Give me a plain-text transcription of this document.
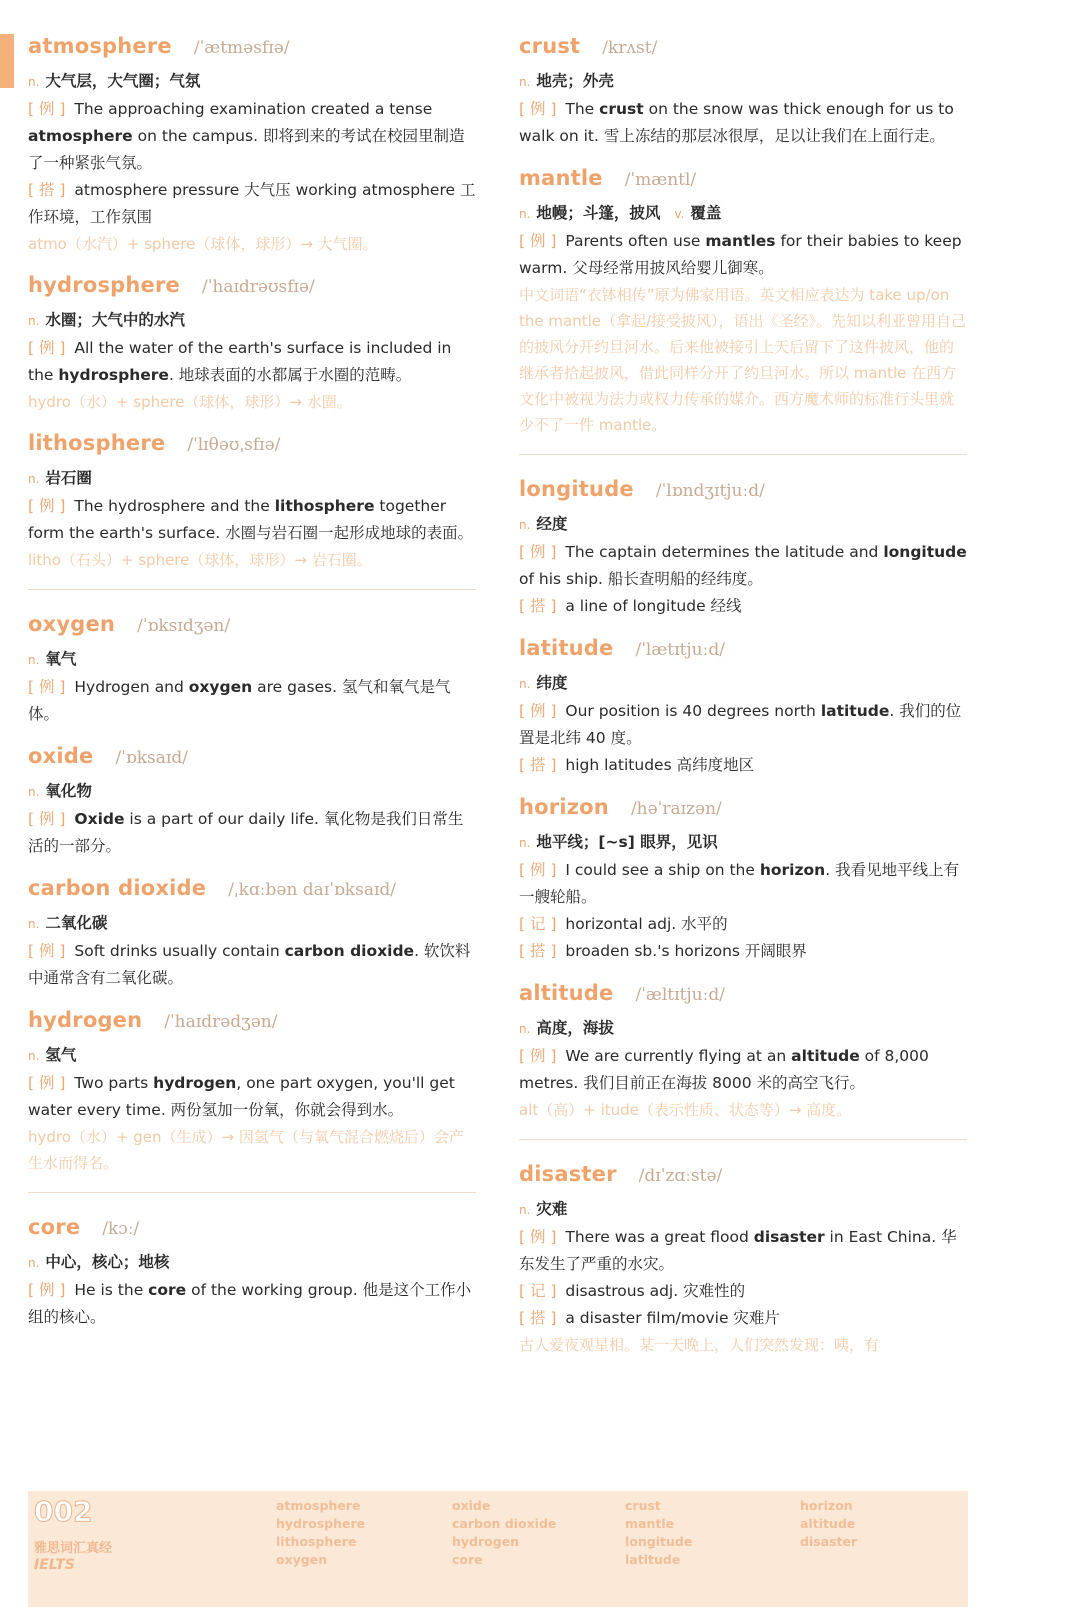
atmosphere /ˈætməsfɪə/
n. 大气层，大气圈；气氛
[ 例 ] The approaching examination created a tense atmosphere on the campus. 即将到来的考试在校园里制造了一种紧张气氛。
[ 搭 ] atmosphere pressure 大气压 working atmosphere 工作环境，工作氛围
atmo（水汽）+ sphere（球体，球形）→ 大气圈。
hydrosphere /ˈhaɪdrəʊsfɪə/
n. 水圈；大气中的水汽
[ 例 ] All the water of the earth's surface is included in the hydrosphere. 地球表面的水都属于水圈的范畴。
hydro（水）+ sphere（球体，球形）→ 水圈。
lithosphere /ˈlɪθəʊˌsfɪə/
n. 岩石圈
[ 例 ] The hydrosphere and the lithosphere together form the earth's surface. 水圈与岩石圈一起形成地球的表面。
litho（石头）+ sphere（球体，球形）→ 岩石圈。
oxygen /ˈɒksɪdʒən/
n. 氧气
[ 例 ] Hydrogen and oxygen are gases. 氢气和氧气是气体。
oxide /ˈɒksaɪd/
n. 氧化物
[ 例 ] Oxide is a part of our daily life. 氧化物是我们日常生活的一部分。
carbon dioxide /ˌkɑːbən daɪˈɒksaɪd/
n. 二氧化碳
[ 例 ] Soft drinks usually contain carbon dioxide. 软饮料中通常含有二氧化碳。
hydrogen /ˈhaɪdrədʒən/
n. 氢气
[ 例 ] Two parts hydrogen, one part oxygen, you'll get water every time. 两份氢加一份氧，你就会得到水。
hydro（水）+ gen（生成）→ 因氢气（与氧气混合燃烧后）会产生水而得名。
core /kɔː/
n. 中心，核心；地核
[ 例 ] He is the core of the working group. 他是这个工作小组的核心。
crust /krʌst/
n. 地壳；外壳
[ 例 ] The crust on the snow was thick enough for us to walk on it. 雪上冻结的那层冰很厚，足以让我们在上面行走。
mantle /ˈmæntl/
n. 地幔；斗篷，披风 v. 覆盖
[ 例 ] Parents often use mantles for their babies to keep warm. 父母经常用披风给婴儿御寒。
中文词语“衣钵相传”原为佛家用语。英文相应表达为 take up/on the mantle（拿起/接受披风），语出《圣经》。先知以利亚曾用自己的披风分开约旦河水。后来他被接引上天后留下了这件披风，他的继承者拾起披风，借此同样分开了约旦河水。所以 mantle 在西方文化中被视为法力或权力传承的媒介。西方魔术师的标准行头里就少不了一件 mantle。
longitude /ˈlɒndʒɪtjuːd/
n. 经度
[ 例 ] The captain determines the latitude and longitude of his ship. 船长查明船的经纬度。
[ 搭 ] a line of longitude 经线
latitude /ˈlætɪtjuːd/
n. 纬度
[ 例 ] Our position is 40 degrees north latitude. 我们的位置是北纬 40 度。
[ 搭 ] high latitudes 高纬度地区
horizon /həˈraɪzən/
n. 地平线；[~s] 眼界，见识
[ 例 ] I could see a ship on the horizon. 我看见地平线上有一艘轮船。
[ 记 ] horizontal adj. 水平的
[ 搭 ] broaden sb.'s horizons 开阔眼界
altitude /ˈæltɪtjuːd/
n. 高度，海拔
[ 例 ] We are currently flying at an altitude of 8,000 metres. 我们目前正在海拔 8000 米的高空飞行。
alt（高）+ itude（表示性质、状态等）→ 高度。
disaster /dɪˈzɑːstə/
n. 灾难
[ 例 ] There was a great flood disaster in East China. 华东发生了严重的水灾。
[ 记 ] disastrous adj. 灾难性的
[ 搭 ] a disaster film/movie 灾难片
古人爱夜观星相。某一天晚上，人们突然发现：咦，有
002
雅思词汇真经
IELTS
atmosphere
hydrosphere
lithosphere
oxygen
oxide
carbon dioxide
hydrogen
core
crust
mantle
longitude
latitude
horizon
altitude
disaster
